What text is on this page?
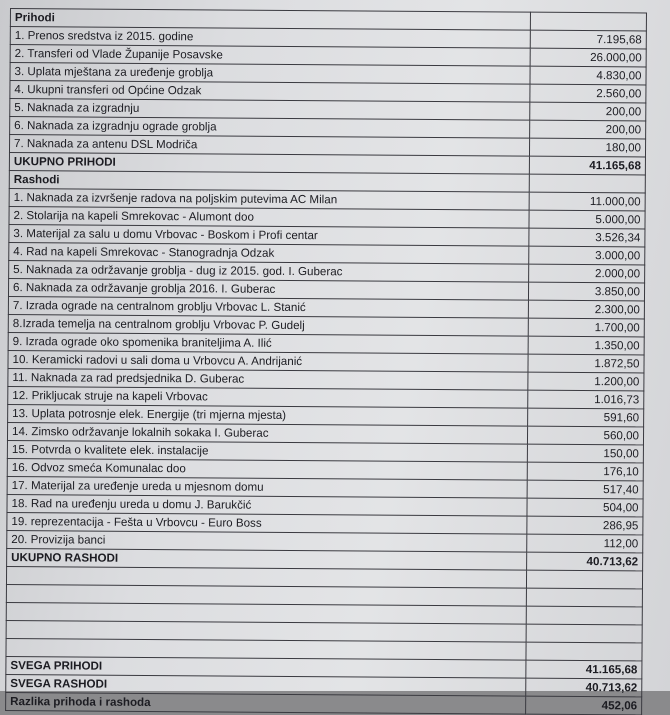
Prihodi	
1. Prenos sredstva iz 2015. godine	7.195,68
2. Transferi od Vlade Županije Posavske	26.000,00
3. Uplata mještana za uređenje groblja	4.830,00
4. Ukupni transferi od Općine Odzak	2.560,00
5. Naknada za izgradnju	200,00
6. Naknada za izgradnju ograde groblja	200,00
7. Naknada za antenu DSL Modriča	180,00
UKUPNO PRIHODI	41.165,68
Rashodi	
1. Naknada za izvršenje radova na poljskim putevima AC Milan	11.000,00
2. Stolarija na kapeli Smrekovac - Alumont doo	5.000,00
3. Materijal za salu u domu Vrbovac - Boskom i Profi centar	3.526,34
4. Rad na kapeli Smrekovac - Stanogradnja Odzak	3.000,00
5. Naknada za održavanje groblja - dug iz 2015. god. I. Guberac	2.000,00
6. Naknada za održavanje groblja 2016. I. Guberac	3.850,00
7. Izrada ograde na centralnom groblju Vrbovac L. Stanić	2.300,00
8.Izrada temelja na centralnom groblju Vrbovac P. Gudelj	1.700,00
9. Izrada ograde oko spomenika braniteljima A. Ilić	1.350,00
10. Keramicki radovi u sali doma u Vrbovcu A. Andrijanić	1.872,50
11. Naknada za rad predsjednika D. Guberac	1.200,00
12. Prikljucak struje na kapeli Vrbovac	1.016,73
13. Uplata potrosnje elek. Energije (tri mjerna mjesta)	591,60
14. Zimsko održavanje lokalnih sokaka I. Guberac	560,00
15. Potvrda o kvalitete elek. instalacije	150,00
16. Odvoz smeća Komunalac doo	176,10
17. Materijal za uređenje ureda u mjesnom domu	517,40
18. Rad na uređenju ureda u domu J. Barukčić	504,00
19. reprezentacija - Fešta u Vrbovcu - Euro Boss	286,95
20. Provizija banci	112,00
UKUPNO RASHODI	40.713,62

SVEGA PRIHODI	41.165,68
SVEGA RASHODI	40.713,62
Razlika prihoda i rashoda	452,06
